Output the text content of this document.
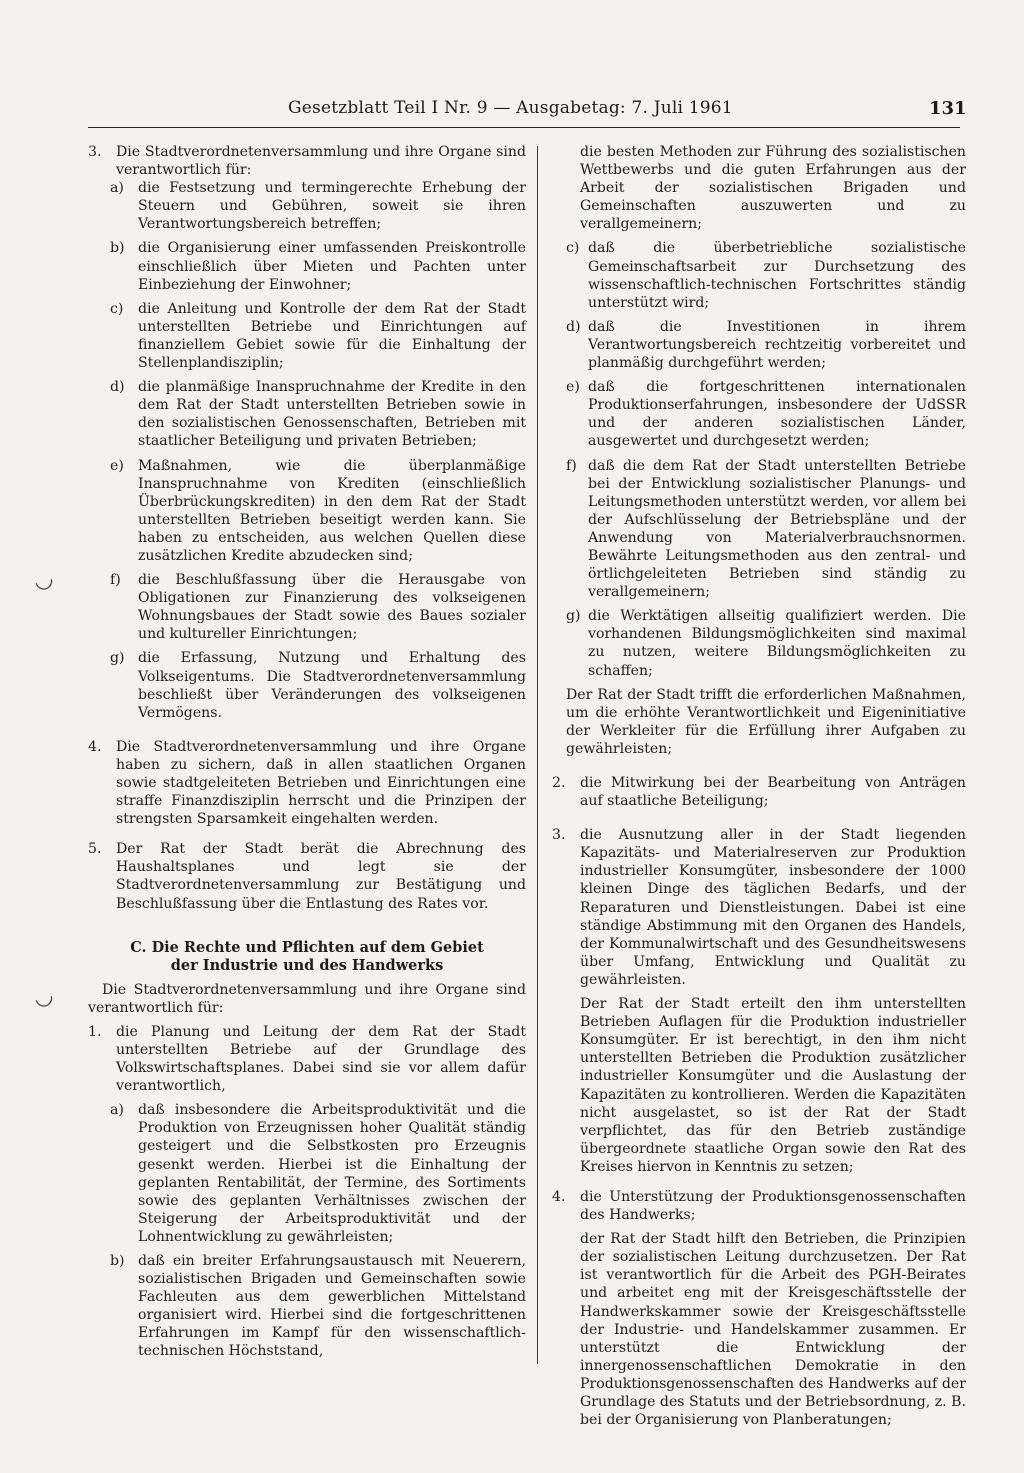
Gesetzblatt Teil I Nr. 9 — Ausgabetag: 7. Juli 1961	131
◡
◡
3. Die Stadtverordnetenversammlung und ihre Organe sind verantwortlich für:
a) die Festsetzung und termingerechte Erhebung der Steuern und Gebühren, soweit sie ihren Verantwortungsbereich betreffen;
b) die Organisierung einer umfassenden Preiskontrolle einschließlich über Mieten und Pachten unter Einbeziehung der Einwohner;
c) die Anleitung und Kontrolle der dem Rat der Stadt unterstellten Betriebe und Einrichtungen auf finanziellem Gebiet sowie für die Einhaltung der Stellenplandisziplin;
d) die planmäßige Inanspruchnahme der Kredite in den dem Rat der Stadt unterstellten Betrieben sowie in den sozialistischen Genossenschaften, Betrieben mit staatlicher Beteiligung und privaten Betrieben;
e) Maßnahmen, wie die überplanmäßige Inanspruchnahme von Krediten (einschließlich Überbrückungskrediten) in den dem Rat der Stadt unterstellten Betrieben beseitigt werden kann. Sie haben zu entscheiden, aus welchen Quellen diese zusätzlichen Kredite abzudecken sind;
f) die Beschlußfassung über die Herausgabe von Obligationen zur Finanzierung des volkseigenen Wohnungsbaues der Stadt sowie des Baues sozialer und kultureller Einrichtungen;
g) die Erfassung, Nutzung und Erhaltung des Volkseigentums. Die Stadtverordnetenversammlung beschließt über Veränderungen des volkseigenen Vermögens.
4. Die Stadtverordnetenversammlung und ihre Organe haben zu sichern, daß in allen staatlichen Organen sowie stadtgeleiteten Betrieben und Einrichtungen eine straffe Finanzdisziplin herrscht und die Prinzipen der strengsten Sparsamkeit eingehalten werden.
5. Der Rat der Stadt berät die Abrechnung des Haushaltsplanes und legt sie der Stadtverordnetenversammlung zur Bestätigung und Beschlußfassung über die Entlastung des Rates vor.
C. Die Rechte und Pflichten auf dem Gebiet
der Industrie und des Handwerks
Die Stadtverordnetenversammlung und ihre Organe sind verantwortlich für:
1. die Planung und Leitung der dem Rat der Stadt unterstellten Betriebe auf der Grundlage des Volkswirtschaftsplanes. Dabei sind sie vor allem dafür verantwortlich,
a) daß insbesondere die Arbeitsproduktivität und die Produktion von Erzeugnissen hoher Qualität ständig gesteigert und die Selbstkosten pro Erzeugnis gesenkt werden. Hierbei ist die Einhaltung der geplanten Rentabilität, der Termine, des Sortiments sowie des geplanten Verhältnisses zwischen der Steigerung der Arbeitsproduktivität und der Lohnentwicklung zu gewährleisten;
b) daß ein breiter Erfahrungsaustausch mit Neuerern, sozialistischen Brigaden und Gemeinschaften sowie Fachleuten aus dem gewerblichen Mittelstand organisiert wird. Hierbei sind die fortgeschrittenen Erfahrungen im Kampf für den wissenschaftlich-technischen Höchststand,
die besten Methoden zur Führung des sozialistischen Wettbewerbs und die guten Erfahrungen aus der Arbeit der sozialistischen Brigaden und Gemeinschaften auszuwerten und zu verallgemeinern;
c) daß die überbetriebliche sozialistische Gemeinschaftsarbeit zur Durchsetzung des wissenschaftlich-technischen Fortschrittes ständig unterstützt wird;
d) daß die Investitionen in ihrem Verantwortungsbereich rechtzeitig vorbereitet und planmäßig durchgeführt werden;
e) daß die fortgeschrittenen internationalen Produktionserfahrungen, insbesondere der UdSSR und der anderen sozialistischen Länder, ausgewertet und durchgesetzt werden;
f) daß die dem Rat der Stadt unterstellten Betriebe bei der Entwicklung sozialistischer Planungs- und Leitungsmethoden unterstützt werden, vor allem bei der Aufschlüsselung der Betriebspläne und der Anwendung von Materialverbrauchsnormen. Bewährte Leitungsmethoden aus den zentral- und örtlichgeleiteten Betrieben sind ständig zu verallgemeinern;
g) die Werktätigen allseitig qualifiziert werden. Die vorhandenen Bildungsmöglichkeiten sind maximal zu nutzen, weitere Bildungsmöglichkeiten zu schaffen;
Der Rat der Stadt trifft die erforderlichen Maßnahmen, um die erhöhte Verantwortlichkeit und Eigeninitiative der Werkleiter für die Erfüllung ihrer Aufgaben zu gewährleisten;
2. die Mitwirkung bei der Bearbeitung von Anträgen auf staatliche Beteiligung;
3. die Ausnutzung aller in der Stadt liegenden Kapazitäts- und Materialreserven zur Produktion industrieller Konsumgüter, insbesondere der 1000 kleinen Dinge des täglichen Bedarfs, und der Reparaturen und Dienstleistungen. Dabei ist eine ständige Abstimmung mit den Organen des Handels, der Kommunalwirtschaft und des Gesundheitswesens über Umfang, Entwicklung und Qualität zu gewährleisten.
Der Rat der Stadt erteilt den ihm unterstellten Betrieben Auflagen für die Produktion industrieller Konsumgüter. Er ist berechtigt, in den ihm nicht unterstellten Betrieben die Produktion zusätzlicher industrieller Konsumgüter und die Auslastung der Kapazitäten zu kontrollieren. Werden die Kapazitäten nicht ausgelastet, so ist der Rat der Stadt verpflichtet, das für den Betrieb zuständige übergeordnete staatliche Organ sowie den Rat des Kreises hiervon in Kenntnis zu setzen;
4. die Unterstützung der Produktionsgenossenschaften des Handwerks;
der Rat der Stadt hilft den Betrieben, die Prinzipien der sozialistischen Leitung durchzusetzen. Der Rat ist verantwortlich für die Arbeit des PGH-Beirates und arbeitet eng mit der Kreisgeschäftsstelle der Handwerkskammer sowie der Kreisgeschäftsstelle der Industrie- und Handelskammer zusammen. Er unterstützt die Entwicklung der innergenossenschaftlichen Demokratie in den Produktionsgenossenschaften des Handwerks auf der Grundlage des Statuts und der Betriebsordnung, z. B. bei der Organisierung von Planberatungen;
